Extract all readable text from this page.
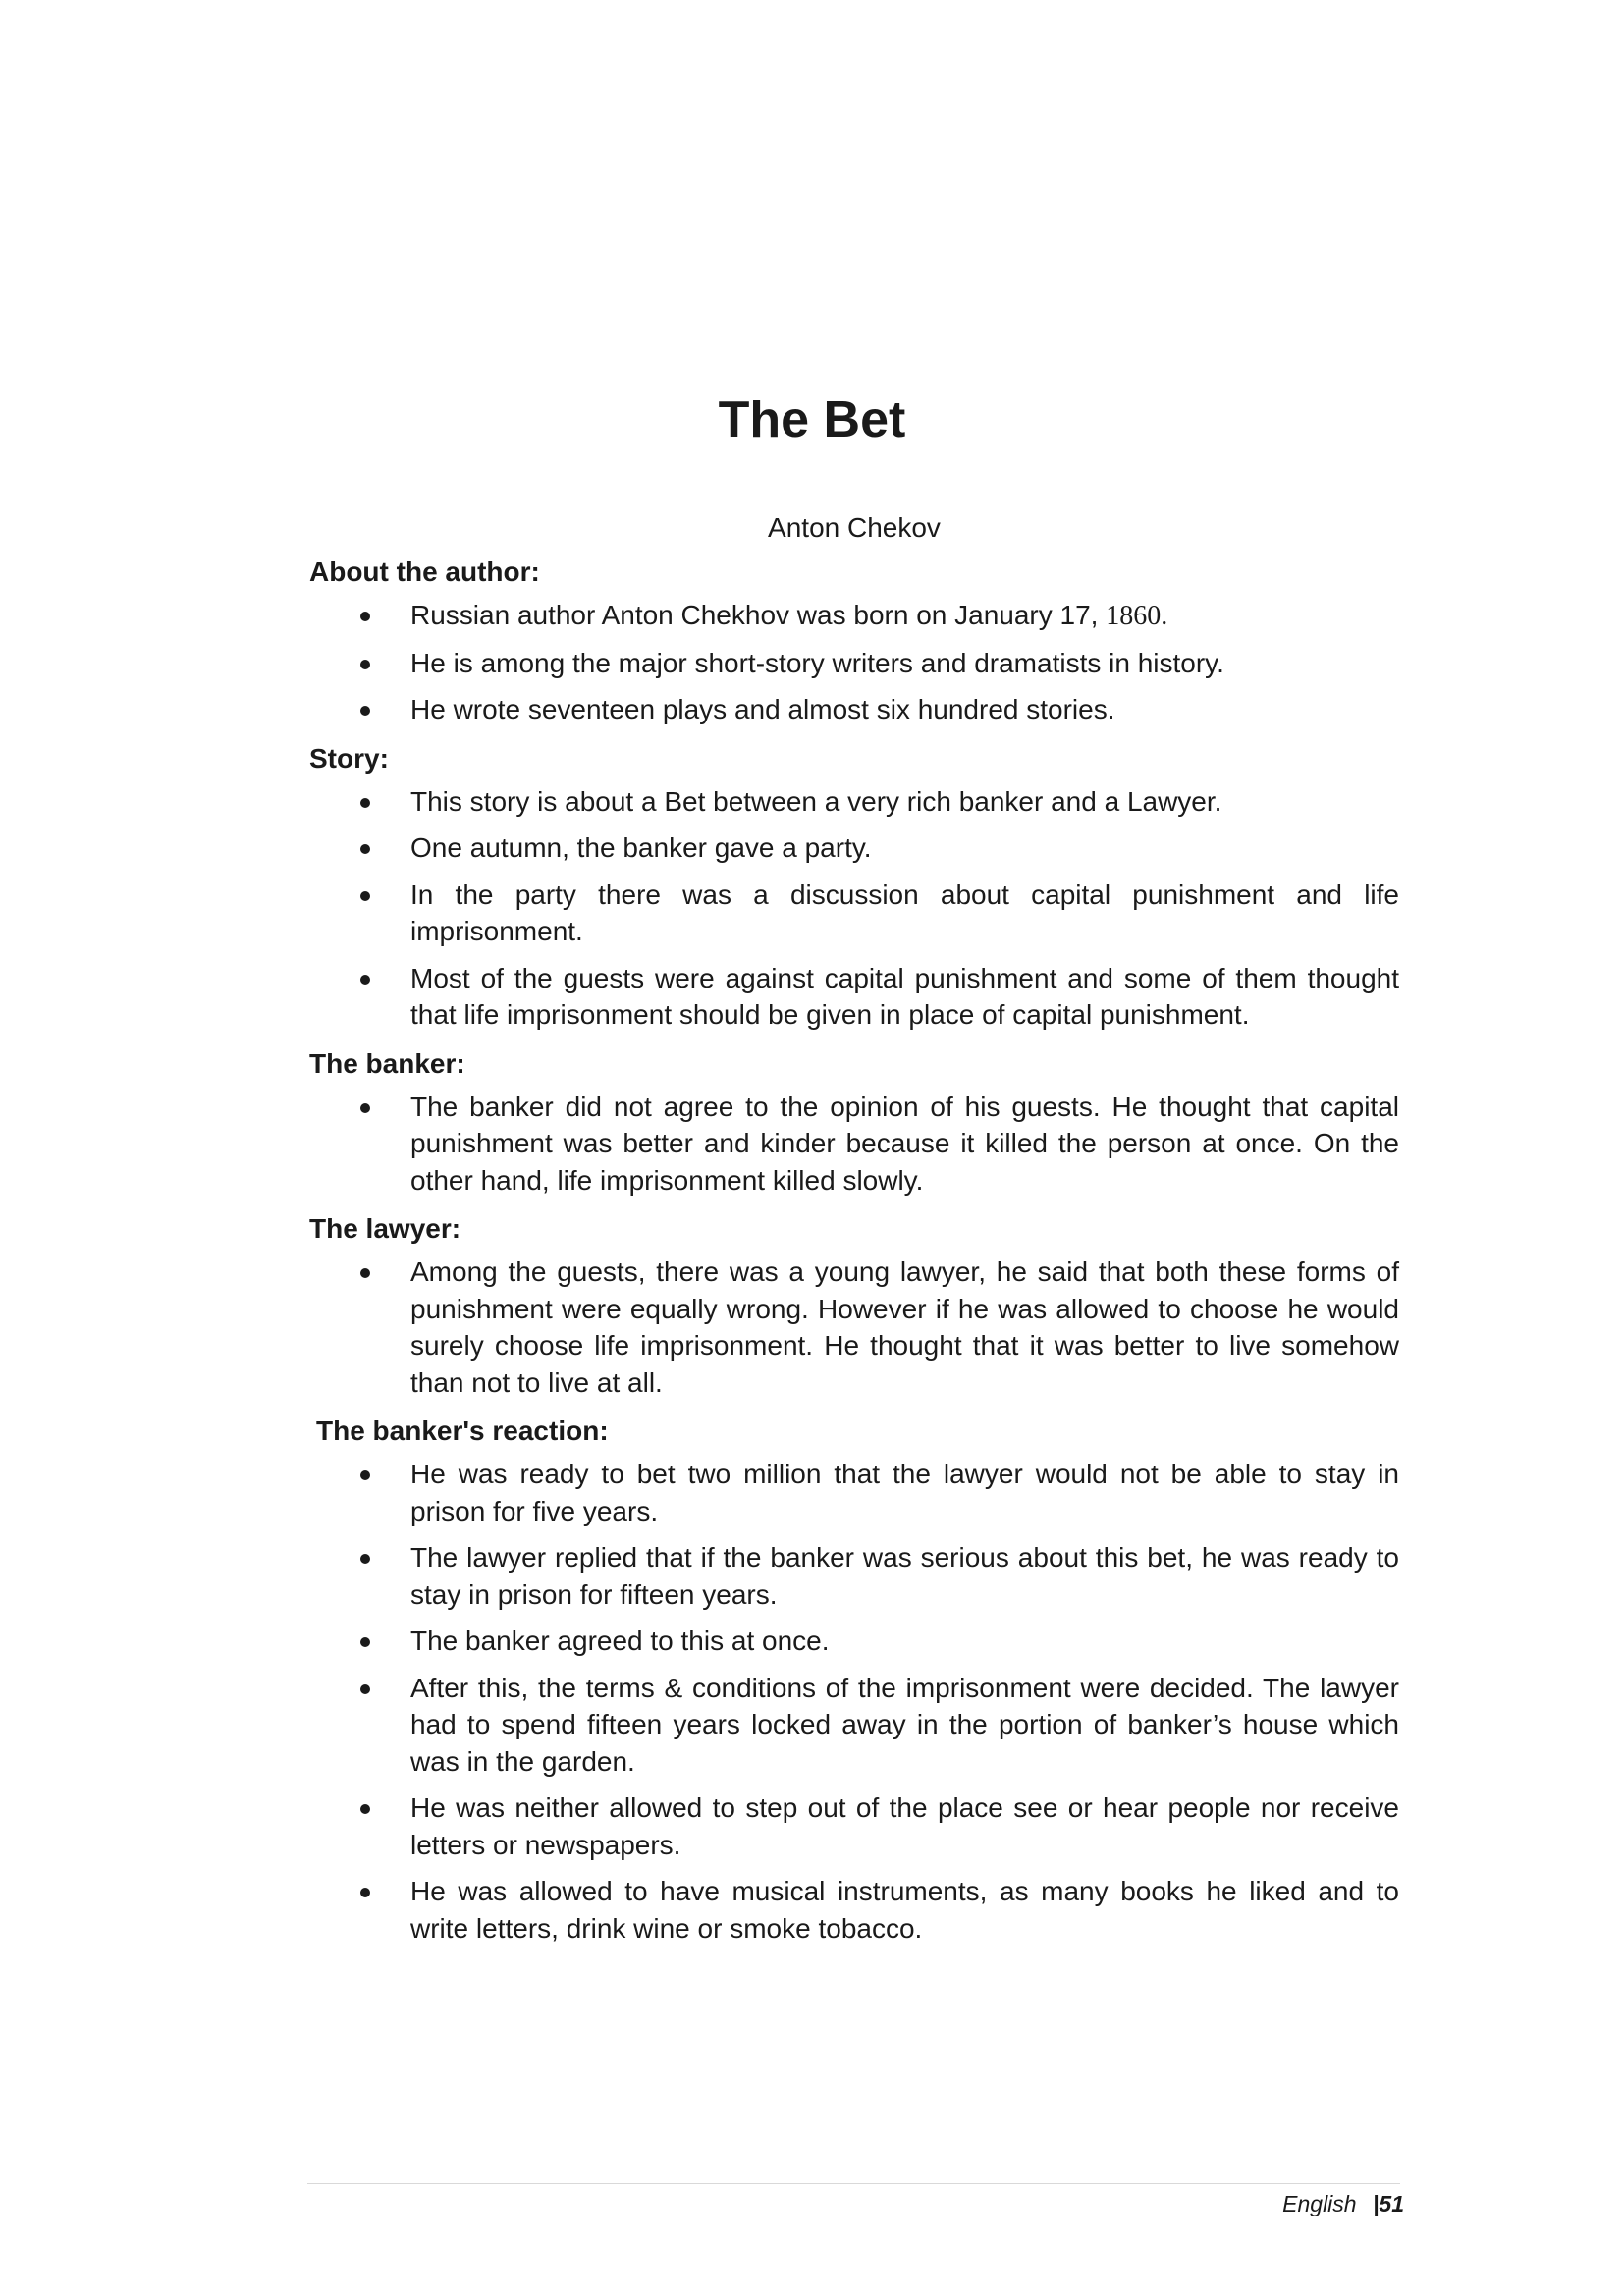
The Bet
Anton Chekov
About the author:
Russian author Anton Chekhov was born on January 17, 1860.
He is among the major short-story writers and dramatists in history.
He wrote seventeen plays and almost six hundred stories.
Story:
This story is about a Bet between a very rich banker and a Lawyer.
One autumn, the banker gave a party.
In the party there was a discussion about capital punishment and life imprisonment.
Most of the guests were against capital punishment and some of them thought that life imprisonment should be given in place of capital punishment.
The banker:
The banker did not agree to the opinion of his guests. He thought that capital punishment was better and kinder because it killed the person at once. On the other hand, life imprisonment killed slowly.
The lawyer:
Among the guests, there was a young lawyer, he said that both these forms of punishment were equally wrong. However if he was allowed to choose he would surely choose life imprisonment. He thought that it was better to live somehow than not to live at all.
The banker's reaction:
He was ready to bet two million that the lawyer would not be able to stay in prison for five years.
The lawyer replied that if the banker was serious about this bet, he was ready to stay in prison for fifteen years.
The banker agreed to this at once.
After this, the terms & conditions of the imprisonment were decided. The lawyer had to spend fifteen years locked away in the portion of banker’s house which was in the garden.
He was neither allowed to step out of the place see or hear people nor receive letters or newspapers.
He was allowed to have musical instruments, as many books he liked and to write letters, drink wine or smoke tobacco.
English |51
